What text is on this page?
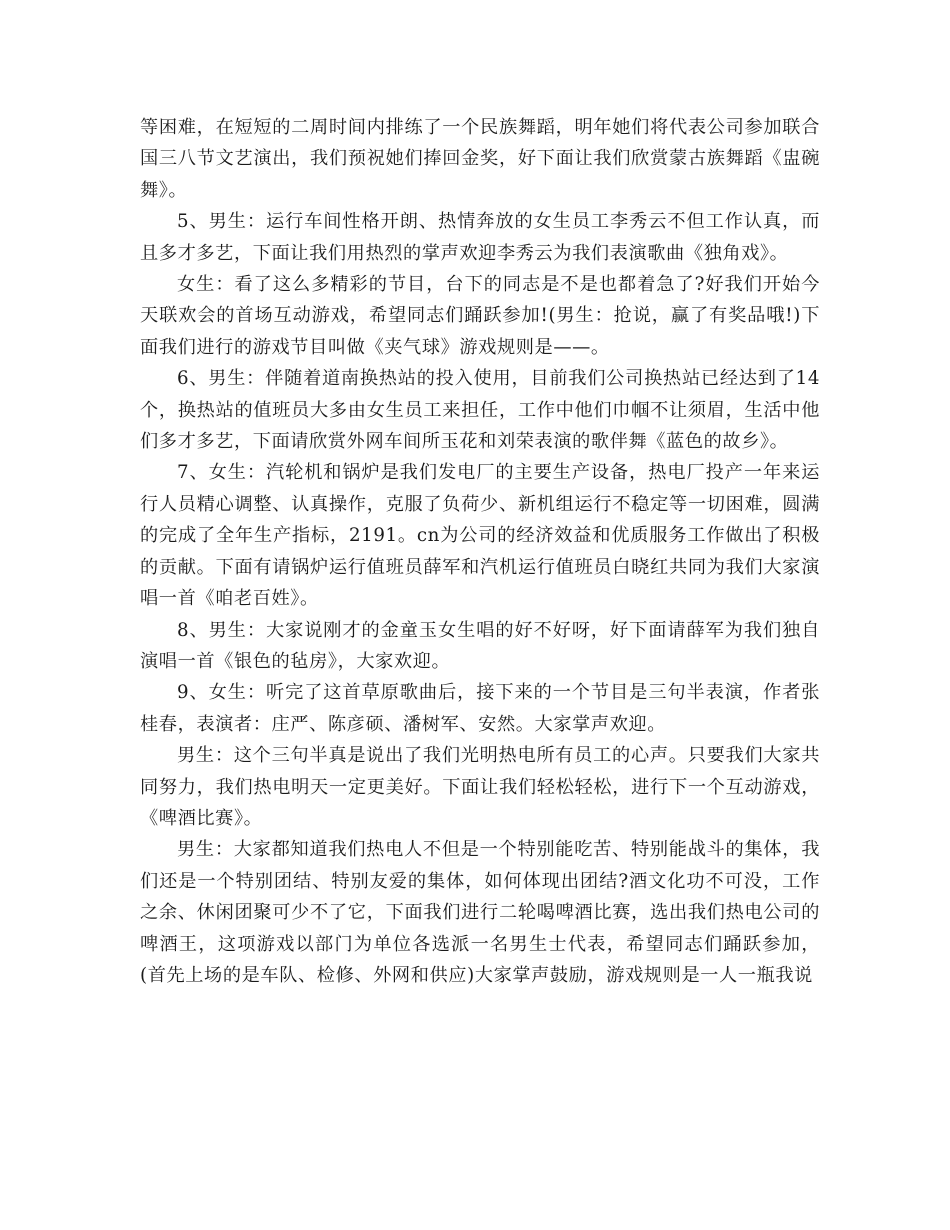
等困难，在短短的二周时间内排练了一个民族舞蹈，明年她们将代表公司参加联合国三八节文艺演出，我们预祝她们捧回金奖，好下面让我们欣赏蒙古族舞蹈《盅碗舞》。

5、男生：运行车间性格开朗、热情奔放的女生员工李秀云不但工作认真，而且多才多艺，下面让我们用热烈的掌声欢迎李秀云为我们表演歌曲《独角戏》。

女生：看了这么多精彩的节目，台下的同志是不是也都着急了?好我们开始今天联欢会的首场互动游戏，希望同志们踊跃参加!(男生：抢说，赢了有奖品哦!)下面我们进行的游戏节目叫做《夹气球》游戏规则是——。

6、男生：伴随着道南换热站的投入使用，目前我们公司换热站已经达到了14个，换热站的值班员大多由女生员工来担任，工作中他们巾帼不让须眉，生活中他们多才多艺，下面请欣赏外网车间所玉花和刘荣表演的歌伴舞《蓝色的故乡》。

7、女生：汽轮机和锅炉是我们发电厂的主要生产设备，热电厂投产一年来运行人员精心调整、认真操作，克服了负荷少、新机组运行不稳定等一切困难，圆满的完成了全年生产指标，2191。cn为公司的经济效益和优质服务工作做出了积极的贡献。下面有请锅炉运行值班员薛军和汽机运行值班员白晓红共同为我们大家演唱一首《咱老百姓》。

8、男生：大家说刚才的金童玉女生唱的好不好呀，好下面请薛军为我们独自演唱一首《银色的毡房》，大家欢迎。

9、女生：听完了这首草原歌曲后，接下来的一个节目是三句半表演，作者张桂春，表演者：庄严、陈彦硕、潘树军、安然。大家掌声欢迎。

男生：这个三句半真是说出了我们光明热电所有员工的心声。只要我们大家共同努力，我们热电明天一定更美好。下面让我们轻松轻松，进行下一个互动游戏，《啤酒比赛》。

男生：大家都知道我们热电人不但是一个特别能吃苦、特别能战斗的集体，我们还是一个特别团结、特别友爱的集体，如何体现出团结?酒文化功不可没，工作之余、休闲团聚可少不了它，下面我们进行二轮喝啤酒比赛，选出我们热电公司的啤酒王，这项游戏以部门为单位各选派一名男生士代表，希望同志们踊跃参加，(首先上场的是车队、检修、外网和供应)大家掌声鼓励，游戏规则是一人一瓶我说
